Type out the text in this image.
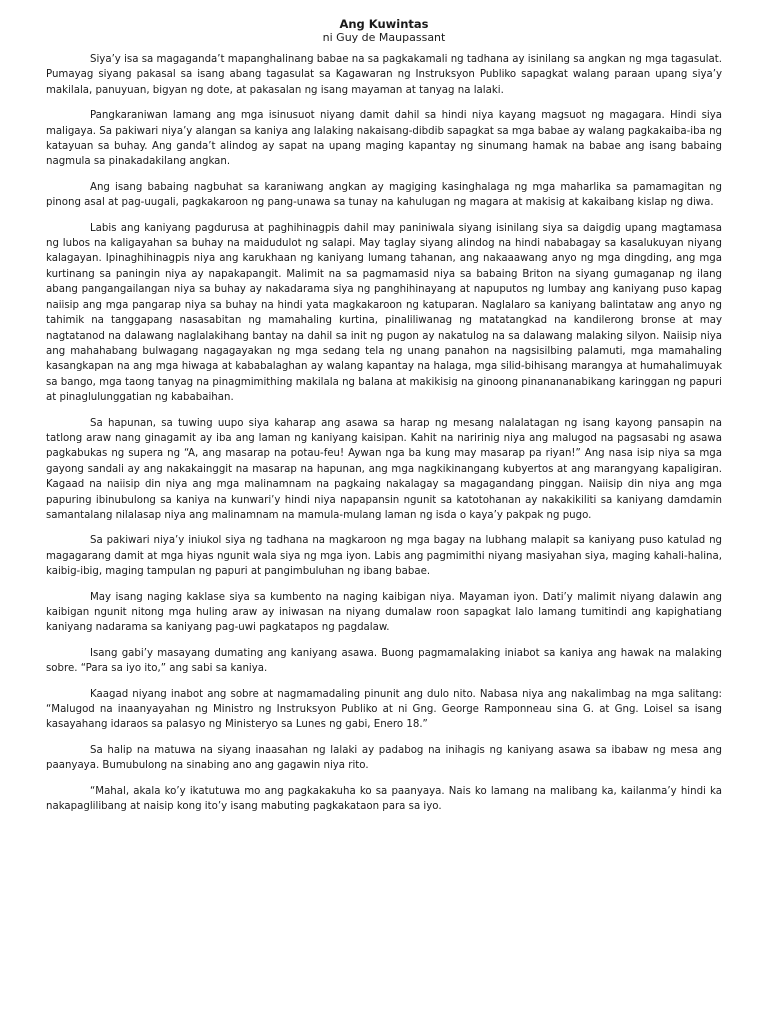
Ang Kuwintas
ni Guy de Maupassant

Siya’y isa sa magaganda’t mapanghalinang babae na sa pagkakamali ng tadhana ay isinilang sa angkan ng mga tagasulat. Pumayag siyang pakasal sa isang abang tagasulat sa Kagawaran ng Instruksyon Publiko sapagkat walang paraan upang siya’y makilala, panuyuan, bigyan ng dote, at pakasalan ng isang mayaman at tanyag na lalaki.

Pangkaraniwan lamang ang mga isinusuot niyang damit dahil sa hindi niya kayang magsuot ng magagara. Hindi siya maligaya. Sa pakiwari niya’y alangan sa kaniya ang lalaking nakaisang-dibdib sapagkat sa mga babae ay walang pagkakaiba-iba ng katayuan sa buhay. Ang ganda’t alindog ay sapat na upang maging kapantay ng sinumang hamak na babae ang isang babaing nagmula sa pinakadakilang angkan.

Ang isang babaing nagbuhat sa karaniwang angkan ay magiging kasinghalaga ng mga maharlika sa pamamagitan ng pinong asal at pag-uugali, pagkakaroon ng pang-unawa sa tunay na kahulugan ng magara at makisig at kakaibang kislap ng diwa.

Labis ang kaniyang pagdurusa at paghihinagpis dahil may paniniwala siyang isinilang siya sa daigdig upang magtamasa ng lubos na kaligayahan sa buhay na maidudulot ng salapi. May taglay siyang alindog na hindi nababagay sa kasalukuyan niyang kalagayan. Ipinaghihinagpis niya ang karukhaan ng kaniyang lumang tahanan, ang nakaaawang anyo ng mga dingding, ang mga kurtinang sa paningin niya ay napakapangit. Malimit na sa pagmamasid niya sa babaing Briton na siyang gumaganap ng ilang abang pangangailangan niya sa buhay ay nakadarama siya ng panghihinayang at napuputos ng lumbay ang kaniyang puso kapag naiisip ang mga pangarap niya sa buhay na hindi yata magkakaroon ng katuparan. Naglalaro sa kaniyang balintataw ang anyo ng tahimik na tanggapang nasasabitan ng mamahaling kurtina, pinaliliwanag ng matatangkad na kandilerong bronse at may nagtatanod na dalawang naglalakihang bantay na dahil sa init ng pugon ay nakatulog na sa dalawang malaking silyon. Naiisip niya ang mahahabang bulwagang nagagayakan ng mga sedang tela ng unang panahon na nagsisilbing palamuti, mga mamahaling kasangkapan na ang mga hiwaga at kababalaghan ay walang kapantay na halaga, mga silid-bihisang marangya at humahalimuyak sa bango, mga taong tanyag na pinagmimithing makilala ng balana at makikisig na ginoong pinanananabikang karinggan ng papuri at pinaglulunggatian ng kababaihan.

Sa hapunan, sa tuwing uupo siya kaharap ang asawa sa harap ng mesang nalalatagan ng isang kayong pansapin na tatlong araw nang ginagamit ay iba ang laman ng kaniyang kaisipan. Kahit na naririnig niya ang malugod na pagsasabi ng asawa pagkabukas ng supera ng “A, ang masarap na potau-feu! Aywan nga ba kung may masarap pa riyan!” Ang nasa isip niya sa mga gayong sandali ay ang nakakainggit na masarap na hapunan, ang mga nagkikinangang kubyertos at ang marangyang kapaligiran. Kagaad na naiisip din niya ang mga malinamnam na pagkaing nakalagay sa magagandang pinggan. Naiisip din niya ang mga papuring ibinubulong sa kaniya na kunwari’y hindi niya napapansin ngunit sa katotohanan ay nakakikiliti sa kaniyang damdamin samantalang nilalasap niya ang malinamnam na mamula-mulang laman ng isda o kaya’y pakpak ng pugo.

Sa pakiwari niya’y iniukol siya ng tadhana na magkaroon ng mga bagay na lubhang malapit sa kaniyang puso katulad ng magagarang damit at mga hiyas ngunit wala siya ng mga iyon. Labis ang pagmimithi niyang masiyahan siya, maging kahali-halina, kaibig-ibig, maging tampulan ng papuri at pangimbuluhan ng ibang babae.

May isang naging kaklase siya sa kumbento na naging kaibigan niya. Mayaman iyon. Dati’y malimit niyang dalawin ang kaibigan ngunit nitong mga huling araw ay iniwasan na niyang dumalaw roon sapagkat lalo lamang tumitindi ang kapighatiang kaniyang nadarama sa kaniyang pag-uwi pagkatapos ng pagdalaw.

Isang gabi’y masayang dumating ang kaniyang asawa. Buong pagmamalaking iniabot sa kaniya ang hawak na malaking sobre. “Para sa iyo ito,” ang sabi sa kaniya.

Kaagad niyang inabot ang sobre at nagmamadaling pinunit ang dulo nito. Nabasa niya ang nakalimbag na mga salitang: “Malugod na inaanyayahan ng Ministro ng Instruksyon Publiko at ni Gng. George Ramponneau sina G. at Gng. Loisel sa isang kasayahang idaraos sa palasyo ng Ministeryo sa Lunes ng gabi, Enero 18.”

Sa halip na matuwa na siyang inaasahan ng lalaki ay padabog na inihagis ng kaniyang asawa sa ibabaw ng mesa ang paanyaya. Bumubulong na sinabing ano ang gagawin niya rito.

“Mahal, akala ko’y ikatutuwa mo ang pagkakakuha ko sa paanyaya. Nais ko lamang na malibang ka, kailanma’y hindi ka nakapaglilibang at naisip kong ito’y isang mabuting pagkakataon para sa iyo.
